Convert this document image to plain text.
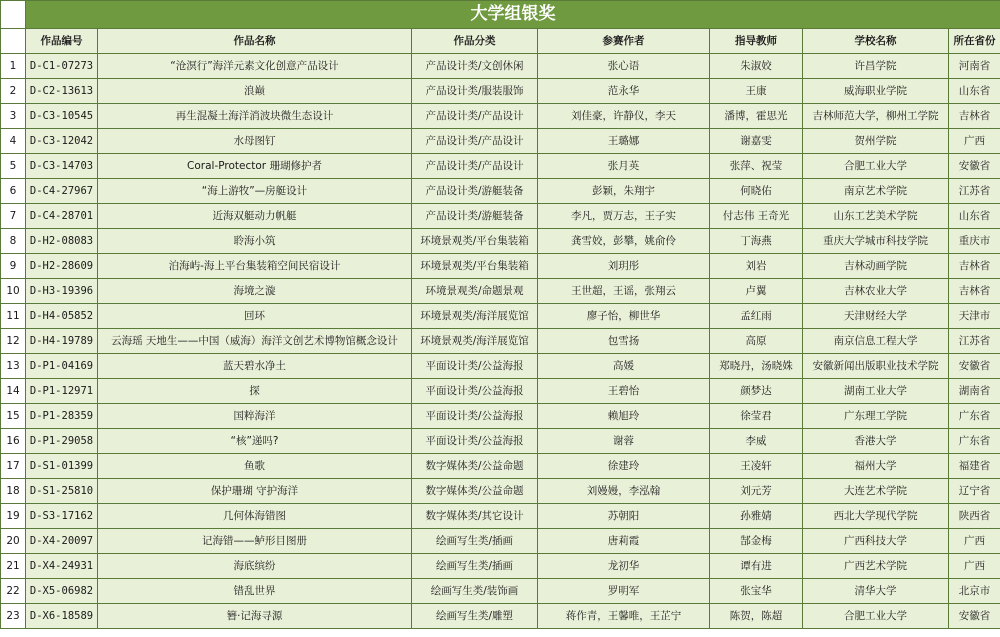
	大学组银奖						
	作品编号	作品名称	作品分类	参赛作者	指导教师	学校名称	所在省份
1	D-C1-07273	“沧溟行”海洋元素文化创意产品设计	产品设计类/文创休闲	张心语	朱淑姣	许昌学院	河南省
2	D-C2-13613	浪巅	产品设计类/服装服饰	范永华	王康	威海职业学院	山东省
3	D-C3-10545	再生混凝土海洋消波块微生态设计	产品设计类/产品设计	刘佳豪，许静仪，李天	潘博，霍思光	吉林师范大学，柳州工学院	吉林省
4	D-C3-12042	水母图钉	产品设计类/产品设计	王璐娜	谢嘉雯	贺州学院	广西
5	D-C3-14703	Coral-Protector 珊瑚修护者	产品设计类/产品设计	张月英	张萍、祝莹	合肥工业大学	安徽省
6	D-C4-27967	“海上游牧”—房艇设计	产品设计类/游艇装备	彭颖，朱翔宇	何晓佑	南京艺术学院	江苏省
7	D-C4-28701	近海双艇动力帆艇	产品设计类/游艇装备	李凡，贾万志，王子实	付志伟 王奇光	山东工艺美术学院	山东省
8	D-H2-08083	聆海小筑	环境景观类/平台集装箱	龚雪姣，彭攀，姚俞伶	丁海燕	重庆大学城市科技学院	重庆市
9	D-H2-28609	泊海屿-海上平台集装箱空间民宿设计	环境景观类/平台集装箱	刘玥彤	刘岩	吉林动画学院	吉林省
10	D-H3-19396	海境之漩	环境景观类/命题景观	王世超，王谣，张翔云	卢翼	吉林农业大学	吉林省
11	D-H4-05852	回环	环境景观类/海洋展览馆	廖子怡，柳世华	孟红雨	天津财经大学	天津市
12	D-H4-19789	云海瑶 天地生——中国（威海）海洋文创艺术博物馆概念设计	环境景观类/海洋展览馆	包雪扬	高原	南京信息工程大学	江苏省
13	D-P1-04169	蓝天碧水净土	平面设计类/公益海报	高媛	郑晓丹，汤晓姝	安徽新闻出版职业技术学院	安徽省
14	D-P1-12971	探	平面设计类/公益海报	王碧怡	颜梦达	湖南工业大学	湖南省
15	D-P1-28359	国粹海洋	平面设计类/公益海报	赖旭玲	徐莹君	广东理工学院	广东省
16	D-P1-29058	“核”递吗?	平面设计类/公益海报	谢蓉	李威	香港大学	广东省
17	D-S1-01399	鱼歌	数字媒体类/公益命题	徐建玲	王凌轩	福州大学	福建省
18	D-S1-25810	保护珊瑚 守护海洋	数字媒体类/公益命题	刘嫚嫚，李泓翰	刘元芳	大连艺术学院	辽宁省
19	D-S3-17162	几何体海错图	数字媒体类/其它设计	苏朝阳	孙雅婧	西北大学现代学院	陕西省
20	D-X4-20097	记海错——鲈形目图册	绘画写生类/插画	唐莉霞	郜金梅	广西科技大学	广西
21	D-X4-24931	海底缤纷	绘画写生类/插画	龙初华	谭有进	广西艺术学院	广西
22	D-X5-06982	错乱世界	绘画写生类/装饰画	罗明军	张宝华	清华大学	北京市
23	D-X6-18589	簪·记海寻源	绘画写生类/雕塑	蒋作青，王馨唯，王芷宁	陈贺，陈超	合肥工业大学	安徽省
